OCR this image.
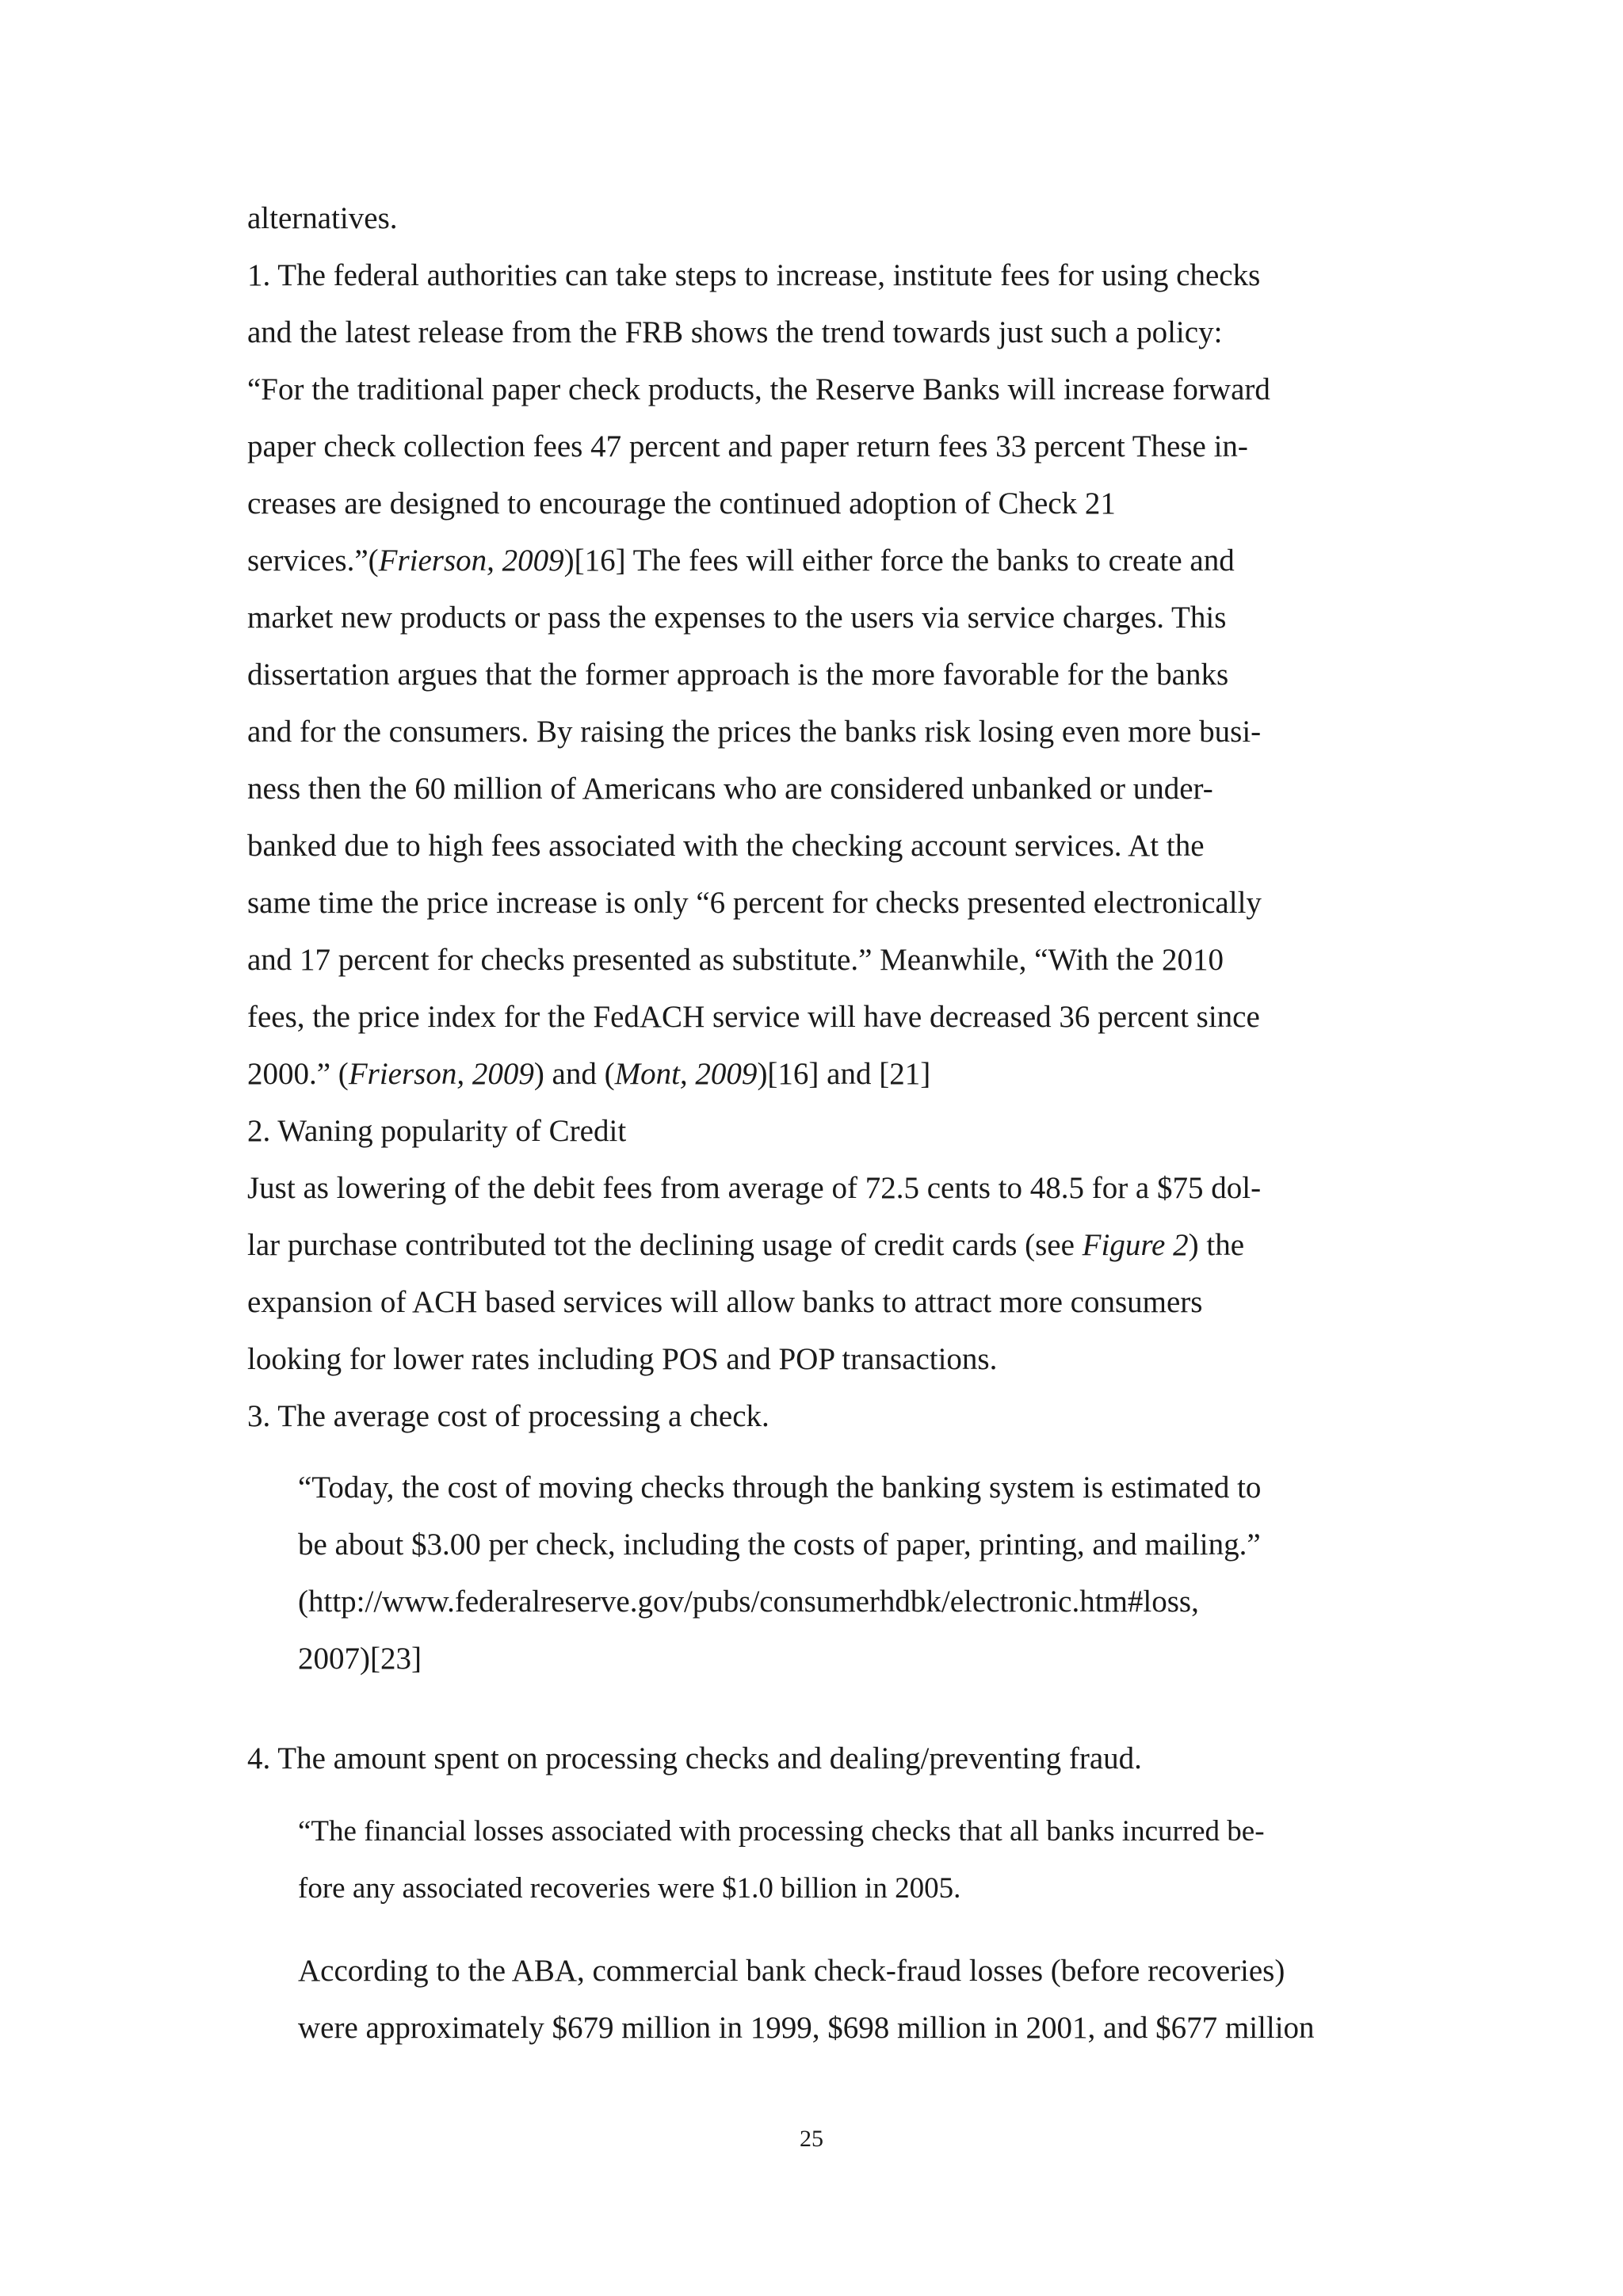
alternatives.
1. The federal authorities can take steps to increase, institute fees for using checks
and the latest release from the FRB shows the trend towards just such a policy:
“For the traditional paper check products, the Reserve Banks will increase forward
paper check collection fees 47 percent and paper return fees 33 percent These in-
creases are designed to encourage the continued adoption of Check 21
services.”(Frierson, 2009)[16] The fees will either force the banks to create and
market new products or pass the expenses to the users via service charges. This
dissertation argues that the former approach is the more favorable for the banks
and for the consumers. By raising the prices the banks risk losing even more busi-
ness then the 60 million of Americans who are considered unbanked or under-
banked due to high fees associated with the checking account services. At the
same time the price increase is only “6 percent for checks presented electronically
and 17 percent for checks presented as substitute.” Meanwhile, “With the 2010
fees, the price index for the FedACH service will have decreased 36 percent since
2000.” (Frierson, 2009) and (Mont, 2009)[16] and [21]
2. Waning popularity of Credit
Just as lowering of the debit fees from average of 72.5 cents to 48.5 for a $75 dol-
lar purchase contributed tot the declining usage of credit cards (see Figure 2) the
expansion of ACH based services will allow banks to attract more consumers
looking for lower rates including POS and POP transactions.
3. The average cost of processing a check.
“Today, the cost of moving checks through the banking system is estimated to
be about $3.00 per check, including the costs of paper, printing, and mailing.”
(http://www.federalreserve.gov/pubs/consumerhdbk/electronic.htm#loss,
2007)[23]
4. The amount spent on processing checks and dealing/preventing fraud.
“The financial losses associated with processing checks that all banks incurred be-
fore any associated recoveries were $1.0 billion in 2005.
According to the ABA, commercial bank check-fraud losses (before recoveries)
were approximately $679 million in 1999, $698 million in 2001, and $677 million
25
